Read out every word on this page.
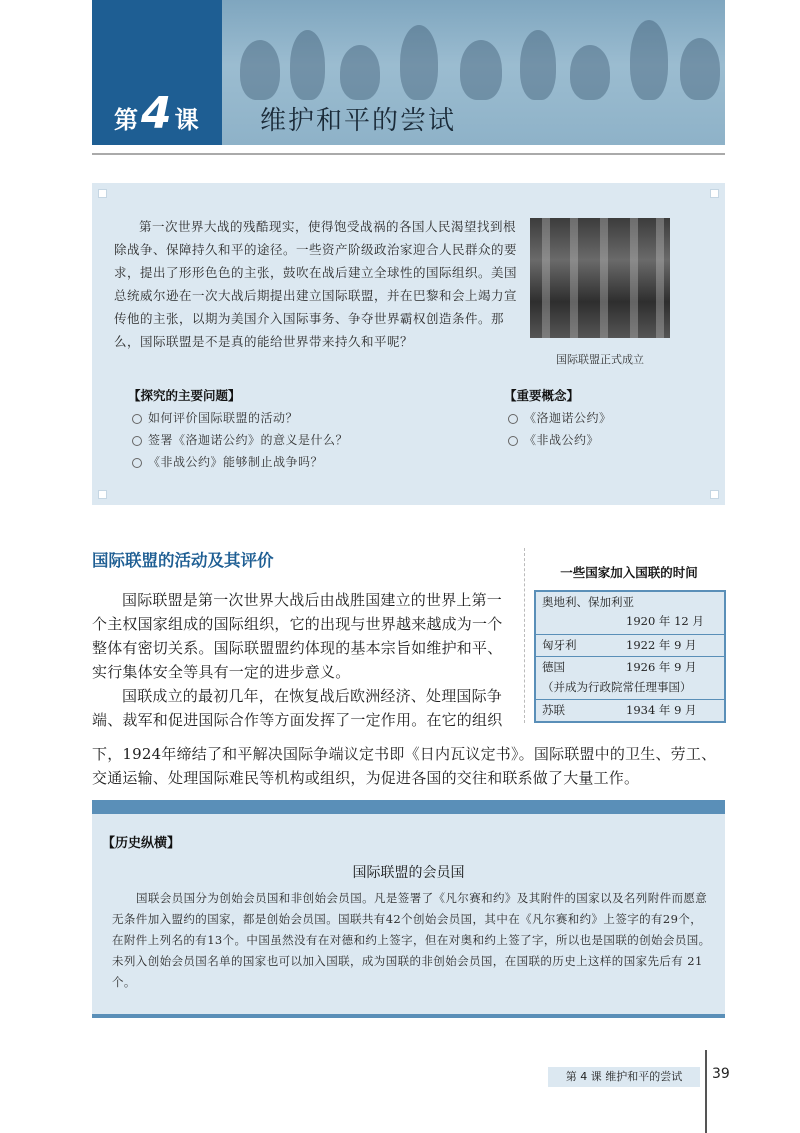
第4 课 维护和平的尝试
第一次世界大战的残酷现实，使得饱受战祸的各国人民渴望找到根除战争、保障持久和平的途径。一些资产阶级政治家迎合人民群众的要求，提出了形形色色的主张，鼓吹在战后建立全球性的国际组织。美国总统威尔逊在一次大战后期提出建立国际联盟，并在巴黎和会上竭力宣传他的主张，以期为美国介入国际事务、争夺世界霸权创造条件。那么，国际联盟是不是真的能给世界带来持久和平呢？
国际联盟正式成立
【探究的主要问题】
如何评价国际联盟的活动？
签署《洛迦诺公约》的意义是什么？
《非战公约》能够制止战争吗？
【重要概念】
《洛迦诺公约》
《非战公约》
国际联盟的活动及其评价
国际联盟是第一次世界大战后由战胜国建立的世界上第一个主权国家组成的国际组织，它的出现与世界越来越成为一个整体有密切关系。国际联盟盟约体现的基本宗旨如维护和平、实行集体安全等具有一定的进步意义。
国联成立的最初几年，在恢复战后欧洲经济、处理国际争端、裁军和促进国际合作等方面发挥了一定作用。在它的组织
下，1924年缔结了和平解决国际争端议定书即《日内瓦议定书》。国际联盟中的卫生、劳工、交通运输、处理国际难民等机构或组织，为促进各国的交往和联系做了大量工作。
一些国家加入国联的时间
奥地利、保加利亚
1920 年 12 月
匈牙利	1922 年 9 月
德国	1926 年 9 月
（并成为行政院常任理事国）
苏联	1934 年 9 月
【历史纵横】
国际联盟的会员国
国联会员国分为创始会员国和非创始会员国。凡是签署了《凡尔赛和约》及其附件的国家以及名列附件而愿意无条件加入盟约的国家，都是创始会员国。国联共有42个创始会员国，其中在《凡尔赛和约》上签字的有29个，在附件上列名的有13个。中国虽然没有在对德和约上签字，但在对奥和约上签了字，所以也是国联的创始会员国。未列入创始会员国名单的国家也可以加入国联，成为国联的非创始会员国，在国联的历史上这样的国家先后有 21 个。
第 4 课 维护和平的尝试	39
